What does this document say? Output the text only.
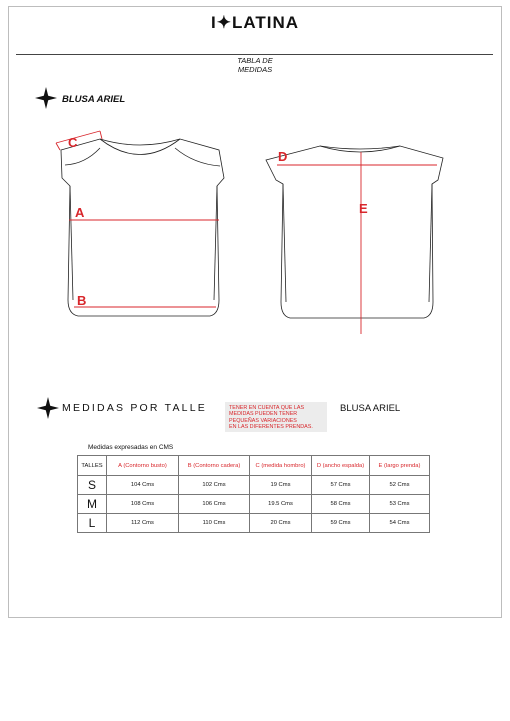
I✦LATINA
TABLA DE
MEDIDAS
BLUSA ARIEL
C
A
B
D
E
MEDIDAS POR TALLE	TENER EN CUENTA QUE LAS
MEDIDAS PUEDEN TENER
PEQUEÑAS VARIACIONES
EN LAS DIFERENTES PRENDAS.
BLUSA ARIEL
Medidas expresadas en CMS
TALLES	A (Contorno busto)	B (Contorno cadera)	C (medida hombro)	D (ancho espalda)	E (largo prenda)
S	104 Cms	102 Cms	19 Cms	57 Cms	52 Cms
M	108 Cms	106 Cms	19.5 Cms	58 Cms	53 Cms
L	112 Cms	110 Cms	20 Cms	59 Cms	54 Cms
